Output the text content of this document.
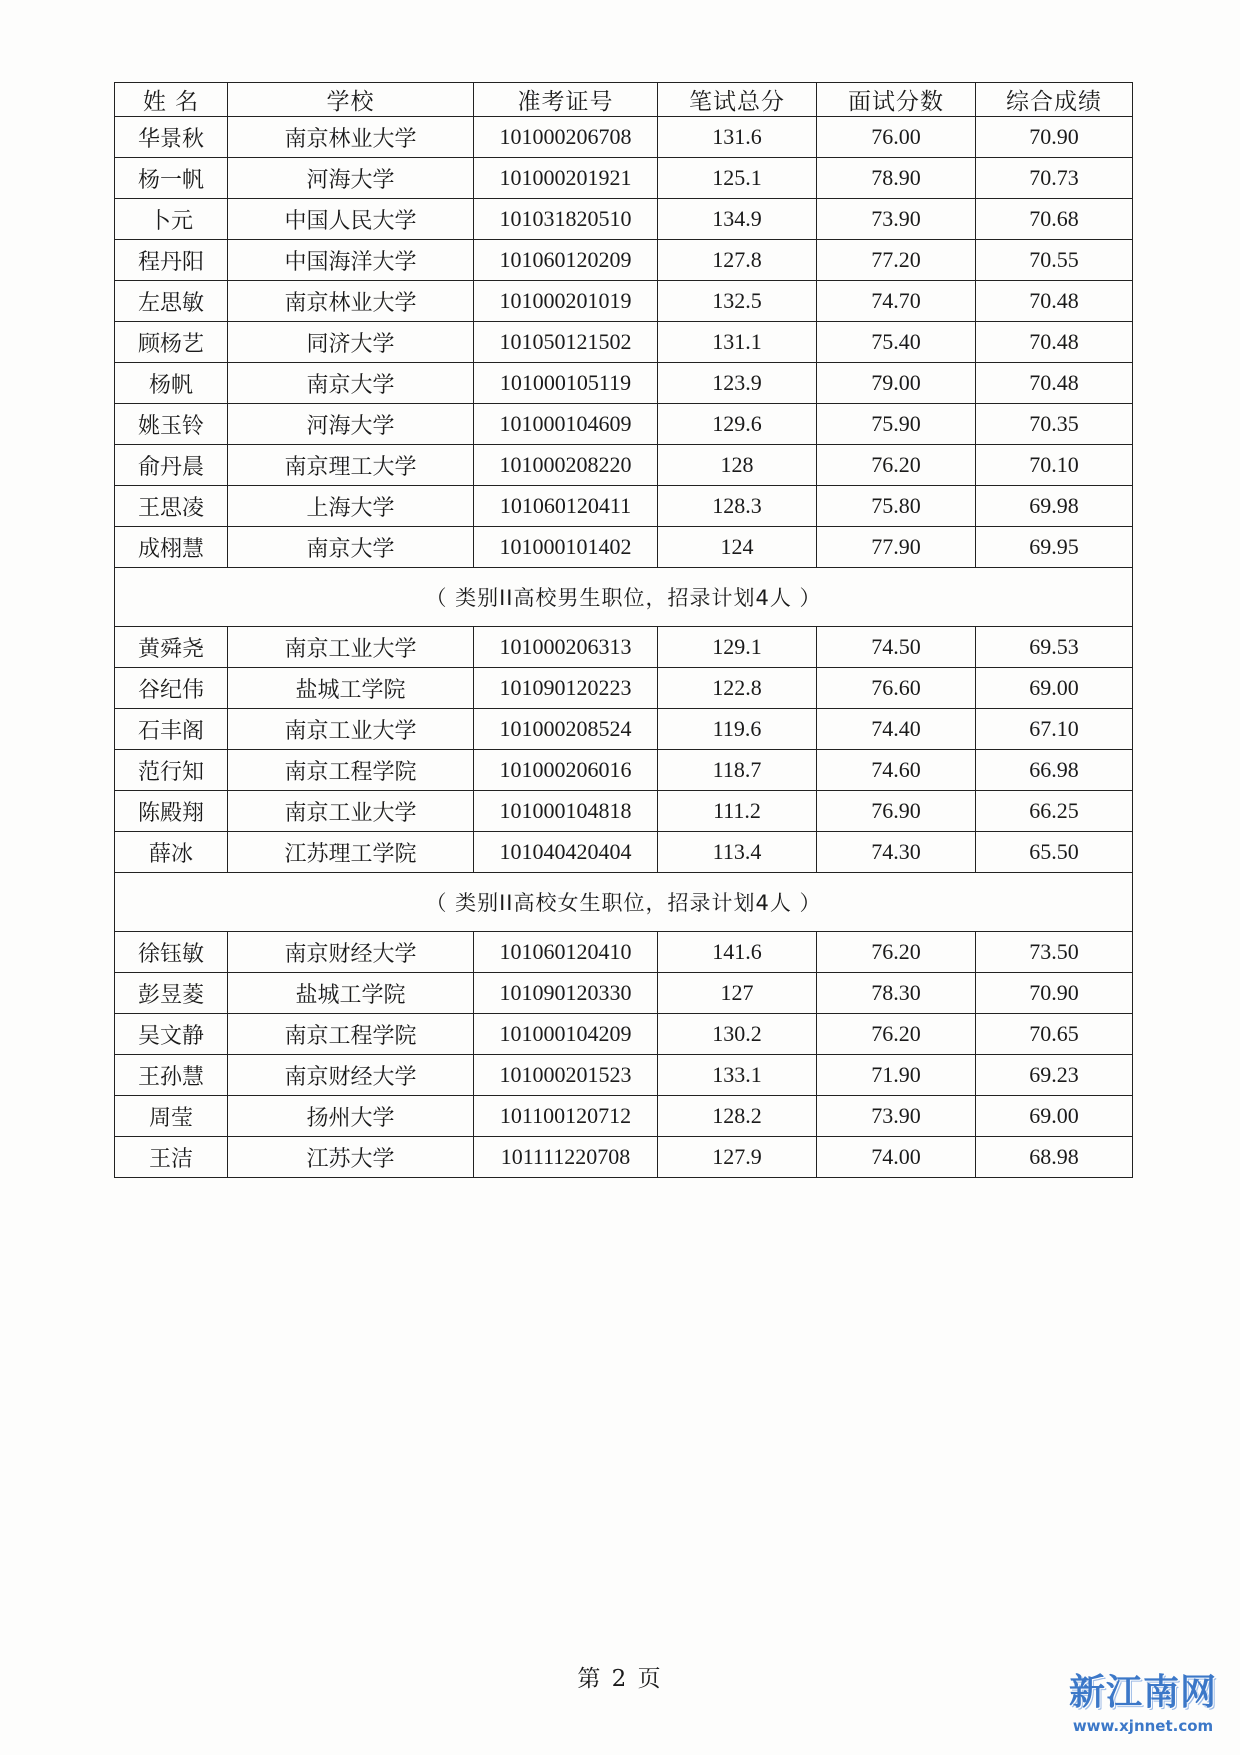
姓 名	学校	准考证号	笔试总分	面试分数	综合成绩
华景秋	南京林业大学	101000206708	131.6	76.00	70.90
杨一帆	河海大学	101000201921	125.1	78.90	70.73
卜元	中国人民大学	101031820510	134.9	73.90	70.68
程丹阳	中国海洋大学	101060120209	127.8	77.20	70.55
左思敏	南京林业大学	101000201019	132.5	74.70	70.48
顾杨艺	同济大学	101050121502	131.1	75.40	70.48
杨帆	南京大学	101000105119	123.9	79.00	70.48
姚玉铃	河海大学	101000104609	129.6	75.90	70.35
俞丹晨	南京理工大学	101000208220	128	76.20	70.10
王思凌	上海大学	101060120411	128.3	75.80	69.98
成栩慧	南京大学	101000101402	124	77.90	69.95
（ 类别II高校男生职位，招录计划4人 ）					
黄舜尧	南京工业大学	101000206313	129.1	74.50	69.53
谷纪伟	盐城工学院	101090120223	122.8	76.60	69.00
石丰阁	南京工业大学	101000208524	119.6	74.40	67.10
范行知	南京工程学院	101000206016	118.7	74.60	66.98
陈殿翔	南京工业大学	101000104818	111.2	76.90	66.25
薛冰	江苏理工学院	101040420404	113.4	74.30	65.50
（ 类别II高校女生职位，招录计划4人 ）					
徐钰敏	南京财经大学	101060120410	141.6	76.20	73.50
彭昱菱	盐城工学院	101090120330	127	78.30	70.90
吴文静	南京工程学院	101000104209	130.2	76.20	70.65
王孙慧	南京财经大学	101000201523	133.1	71.90	69.23
周莹	扬州大学	101100120712	128.2	73.90	69.00
王洁	江苏大学	101111220708	127.9	74.00	68.98
第 2 页	新江南网
www.xjnnet.com
